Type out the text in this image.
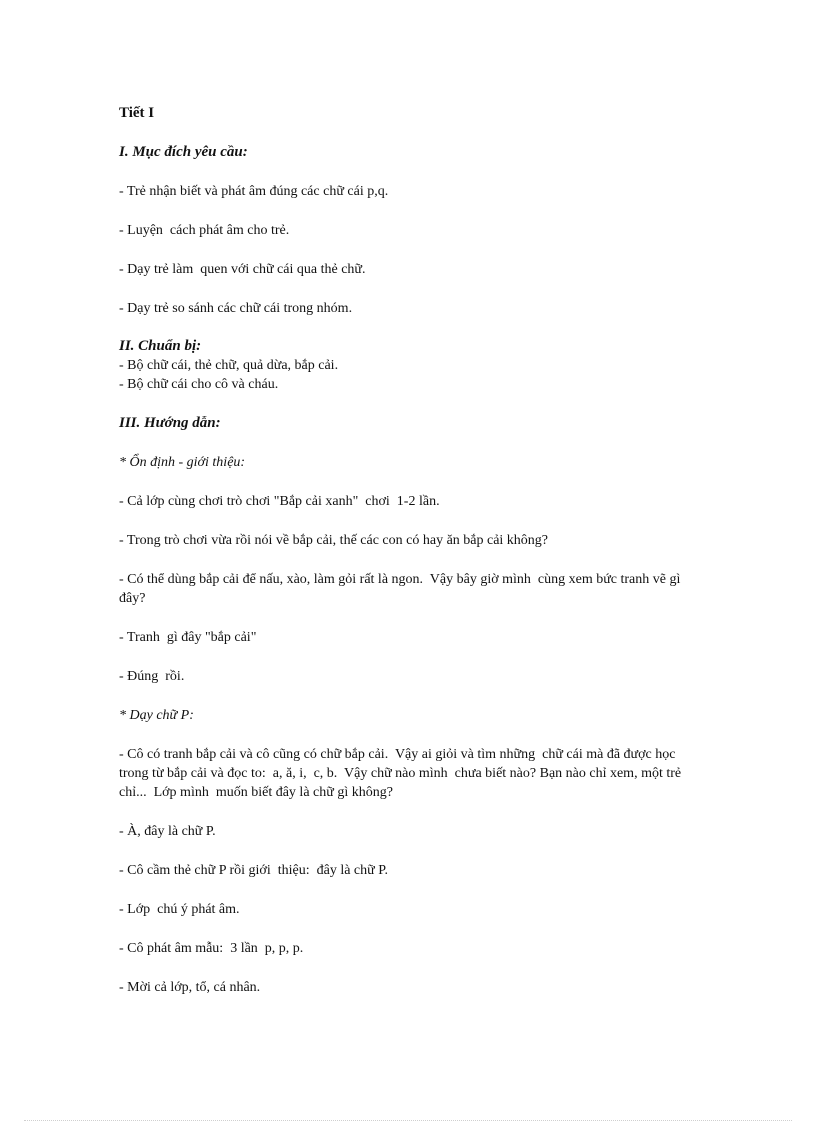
Tiết I

I. Mục đích yêu cầu:

- Trẻ nhận biết và phát âm đúng các chữ cái p,q.

- Luyện  cách phát âm cho trẻ.

- Dạy trẻ làm  quen với chữ cái qua thẻ chữ.

- Dạy trẻ so sánh các chữ cái trong nhóm.

II. Chuẩn bị:

- Bộ chữ cái, thẻ chữ, quả dừa, bắp cải.

- Bộ chữ cái cho cô và cháu.

III. Hướng dẫn:

* Ổn định - giới thiệu:

- Cả lớp cùng chơi trò chơi "Bắp cải xanh"  chơi  1-2 lần.

- Trong trò chơi vừa rồi nói về bắp cải, thế các con có hay ăn bắp cải không?

- Có thể dùng bắp cải để nấu, xào, làm gỏi rất là ngon.  Vậy bây giờ mình  cùng xem bức tranh vẽ gì đây?

- Tranh  gì đây "bắp cải"

- Đúng  rồi.

* Dạy chữ P:

- Cô có tranh bắp cải và cô cũng có chữ bắp cải.  Vậy ai giỏi và tìm những  chữ cái mà đã được học trong từ bắp cải và đọc to:  a, ă, i,  c, b.  Vậy chữ nào mình  chưa biết nào? Bạn nào chỉ xem, một trẻ chỉ...  Lớp mình  muốn biết đây là chữ gì không?

- À, đây là chữ P.

- Cô cầm thẻ chữ P rồi giới  thiệu:  đây là chữ P.

- Lớp  chú ý phát âm.

- Cô phát âm mẫu:  3 lần  p, p, p.

- Mời cả lớp, tổ, cá nhân.
